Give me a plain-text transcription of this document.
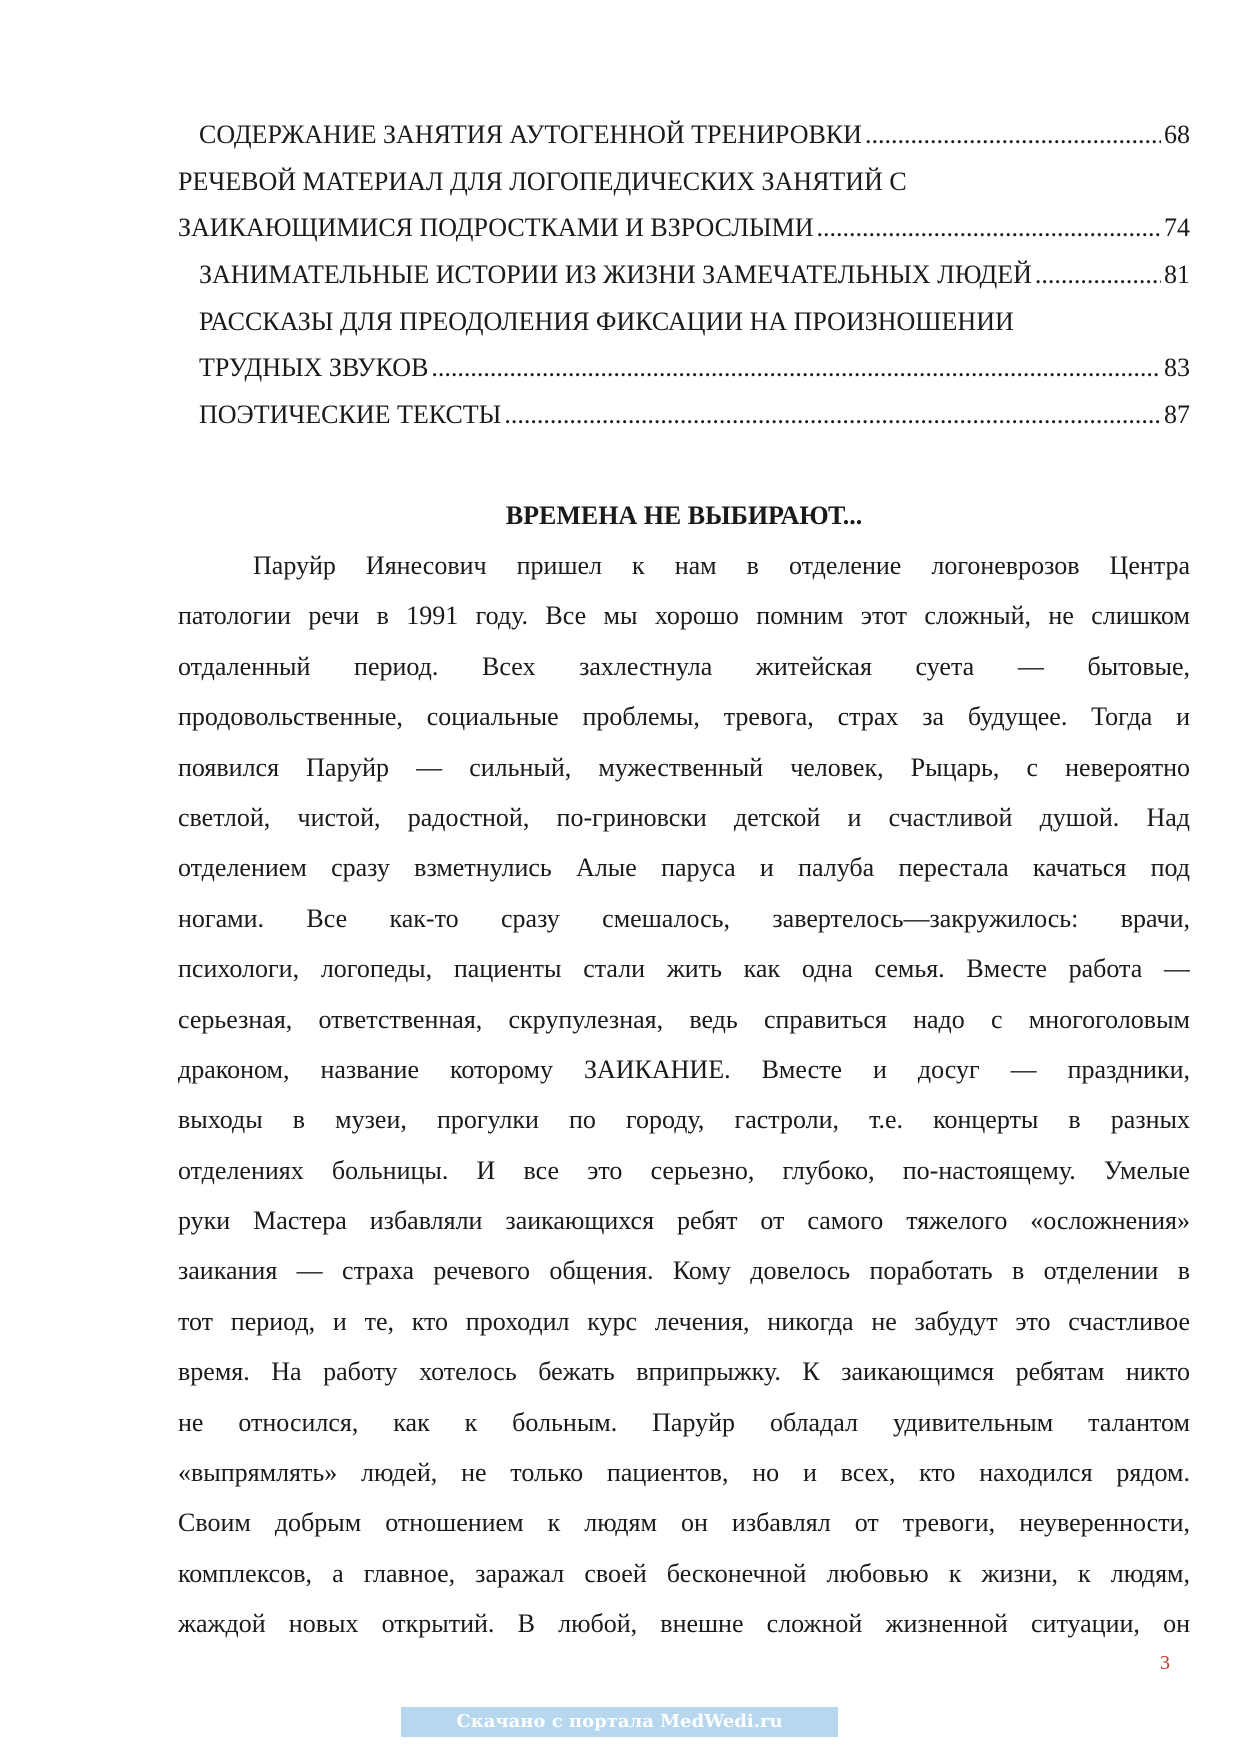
СОДЕРЖАНИЕ ЗАНЯТИЯ АУТОГЕННОЙ ТРЕНИРОВКИ .....	68
РЕЧЕВОЙ МАТЕРИАЛ ДЛЯ ЛОГОПЕДИЧЕСКИХ ЗАНЯТИЙ С
ЗАИКАЮЩИМИСЯ ПОДРОСТКАМИ И ВЗРОСЛЫМИ .....	74
ЗАНИМАТЕЛЬНЫЕ ИСТОРИИ ИЗ ЖИЗНИ ЗАМЕЧАТЕЛЬНЫХ ЛЮДЕЙ .....	81
РАССКАЗЫ ДЛЯ ПРЕОДОЛЕНИЯ ФИКСАЦИИ НА ПРОИЗНОШЕНИИ
ТРУДНЫХ ЗВУКОВ .....	83
ПОЭТИЧЕСКИЕ ТЕКСТЫ .....	87
ВРЕМЕНА НЕ ВЫБИРАЮТ...
Паруйр Иянесович пришел к нам в отделение логоневрозов Центра
патологии речи в 1991 году. Все мы хорошо помним этот сложный, не слишком
отдаленный период. Всех захлестнула житейская суета — бытовые,
продовольственные, социальные проблемы, тревога, страх за будущее. Тогда и
появился Паруйр — сильный, мужественный человек, Рыцарь, с невероятно
светлой, чистой, радостной, по-гриновски детской и счастливой душой. Над
отделением сразу взметнулись Алые паруса и палуба перестала качаться под
ногами. Все как-то сразу смешалось, завертелось—закружилось: врачи,
психологи, логопеды, пациенты стали жить как одна семья. Вместе работа —
серьезная, ответственная, скрупулезная, ведь справиться надо с многоголовым
драконом, название которому ЗАИКАНИЕ. Вместе и досуг — праздники,
выходы в музеи, прогулки по городу, гастроли, т.е. концерты в разных
отделениях больницы. И все это серьезно, глубоко, по-настоящему. Умелые
руки Мастера избавляли заикающихся ребят от самого тяжелого «осложнения»
заикания — страха речевого общения. Кому довелось поработать в отделении в
тот период, и те, кто проходил курс лечения, никогда не забудут это счастливое
время. На работу хотелось бежать вприпрыжку. К заикающимся ребятам никто
не относился, как к больным. Паруйр обладал удивительным талантом
«выпрямлять» людей, не только пациентов, но и всех, кто находился рядом.
Своим добрым отношением к людям он избавлял от тревоги, неуверенности,
комплексов, а главное, заражал своей бесконечной любовью к жизни, к людям,
жаждой новых открытий. В любой, внешне сложной жизненной ситуации, он
3
Скачано с портала MedWedi.ru
